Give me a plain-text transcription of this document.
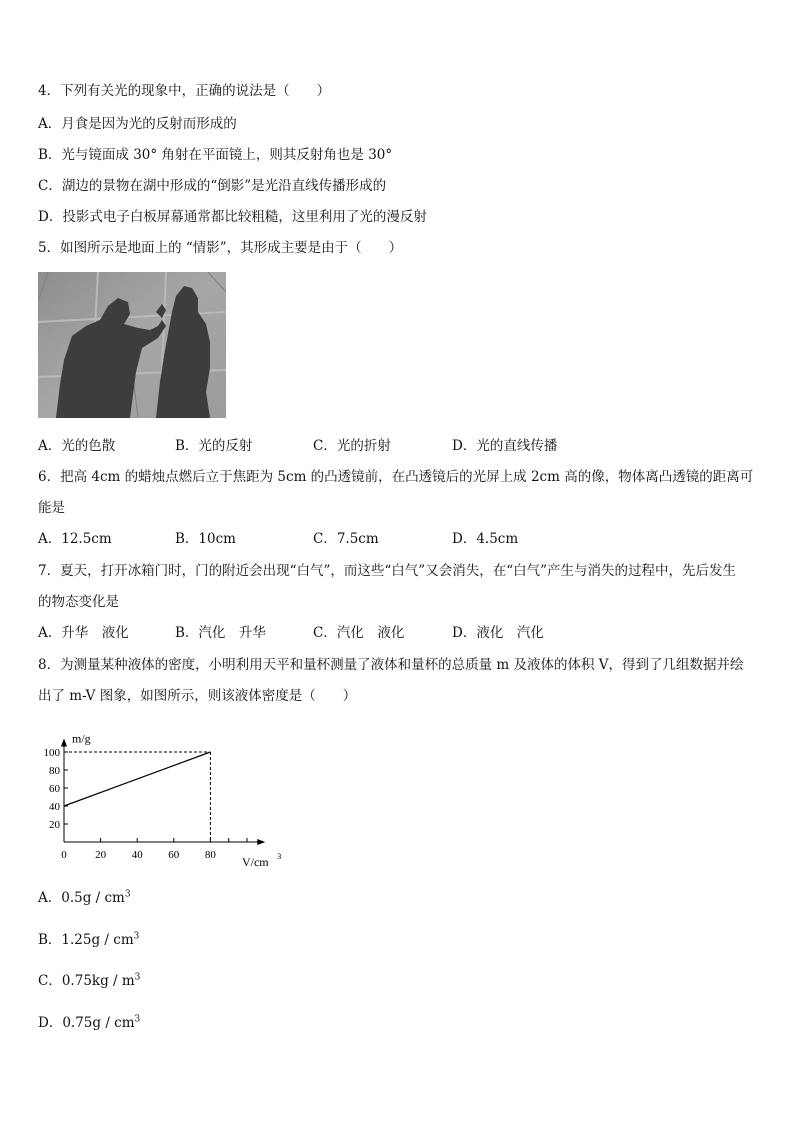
4．下列有关光的现象中，正确的说法是（　　）
A．月食是因为光的反射而形成的
B．光与镜面成 30° 角射在平面镜上，则其反射角也是 30°
C．湖边的景物在湖中形成的“倒影”是光沿直线传播形成的
D．投影式电子白板屏幕通常都比较粗糙，这里利用了光的漫反射
5．如图所示是地面上的 “情影”，其形成主要是由于（　　）
A．光的色散	B．光的反射	C．光的折射	D．光的直线传播
6．把高 4cm 的蜡烛点燃后立于焦距为 5cm 的凸透镜前，在凸透镜后的光屏上成 2cm 高的像，物体离凸透镜的距离可
能是
A．12.5cm	B．10cm	C．7.5cm	D．4.5cm
7．夏天，打开冰箱门时，门的附近会出现“白气”，而这些“白气”又会消失，在“白气”产生与消失的过程中，先后发生
的物态变化是
A．升华　液化	B．汽化　升华	C．汽化　液化	D．液化　汽化
8．为测量某种液体的密度，小明利用天平和量杯测量了液体和量杯的总质量 m 及液体的体积 V，得到了几组数据并绘
出了 m-V 图象，如图所示，则该液体密度是（　　）
0	20 40 60 80
20
40
60
80
100
m/g
V/cm 3
A．$0.5g / cm^3$
B．$1.25g / cm^3$
C．$0.75kg / m^3$
D．$0.75g / cm^3$
